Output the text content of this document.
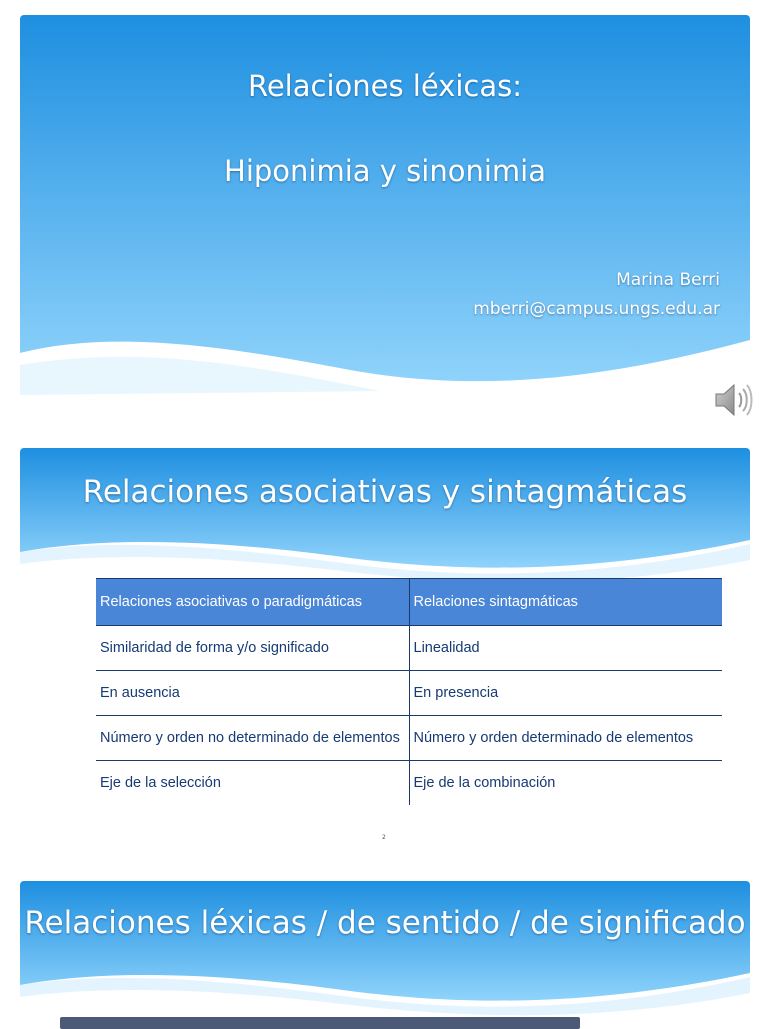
Relaciones léxicas:
Hiponimia y sinonimia
Marina Berri
mberri@campus.ungs.edu.ar
Relaciones asociativas y sintagmáticas
Relaciones asociativas o paradigmáticas	Relaciones sintagmáticas
Similaridad de forma y/o significado	Linealidad
En ausencia	En presencia
Número y orden no determinado de elementos	Número y orden determinado de elementos
Eje de la selección	Eje de la combinación
2
Relaciones léxicas / de sentido / de significado
